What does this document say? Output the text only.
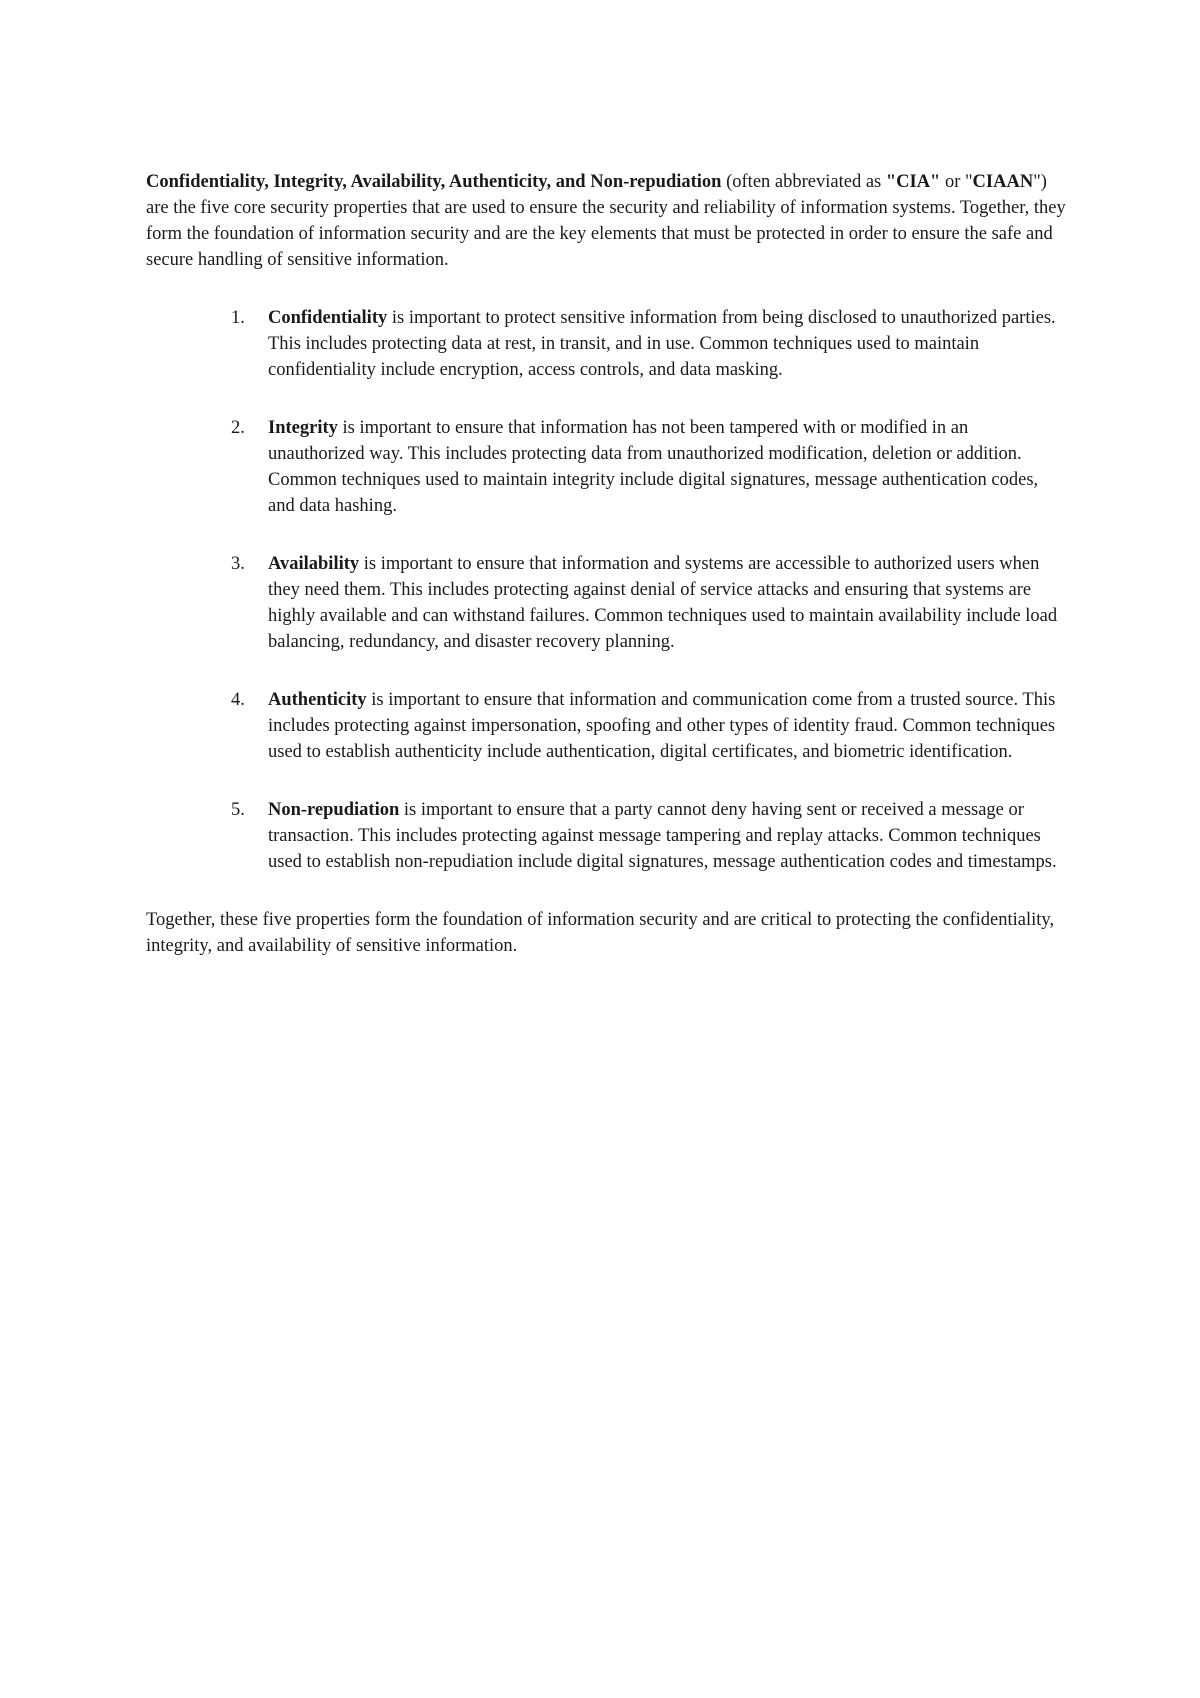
Confidentiality, Integrity, Availability, Authenticity, and Non-repudiation (often abbreviated as "CIA" or "CIAAN") are the five core security properties that are used to ensure the security and reliability of information systems. Together, they form the foundation of information security and are the key elements that must be protected in order to ensure the safe and secure handling of sensitive information.

1.	Confidentiality is important to protect sensitive information from being disclosed to unauthorized parties. This includes protecting data at rest, in transit, and in use. Common techniques used to maintain confidentiality include encryption, access controls, and data masking.
2.	Integrity is important to ensure that information has not been tampered with or modified in an unauthorized way. This includes protecting data from unauthorized modification, deletion or addition. Common techniques used to maintain integrity include digital signatures, message authentication codes, and data hashing.
3.	Availability is important to ensure that information and systems are accessible to authorized users when they need them. This includes protecting against denial of service attacks and ensuring that systems are highly available and can withstand failures. Common techniques used to maintain availability include load balancing, redundancy, and disaster recovery planning.
4.	Authenticity is important to ensure that information and communication come from a trusted source. This includes protecting against impersonation, spoofing and other types of identity fraud. Common techniques used to establish authenticity include authentication, digital certificates, and biometric identification.
5.	Non-repudiation is important to ensure that a party cannot deny having sent or received a message or transaction. This includes protecting against message tampering and replay attacks. Common techniques used to establish non-repudiation include digital signatures, message authentication codes and timestamps.

Together, these five properties form the foundation of information security and are critical to protecting the confidentiality, integrity, and availability of sensitive information.
